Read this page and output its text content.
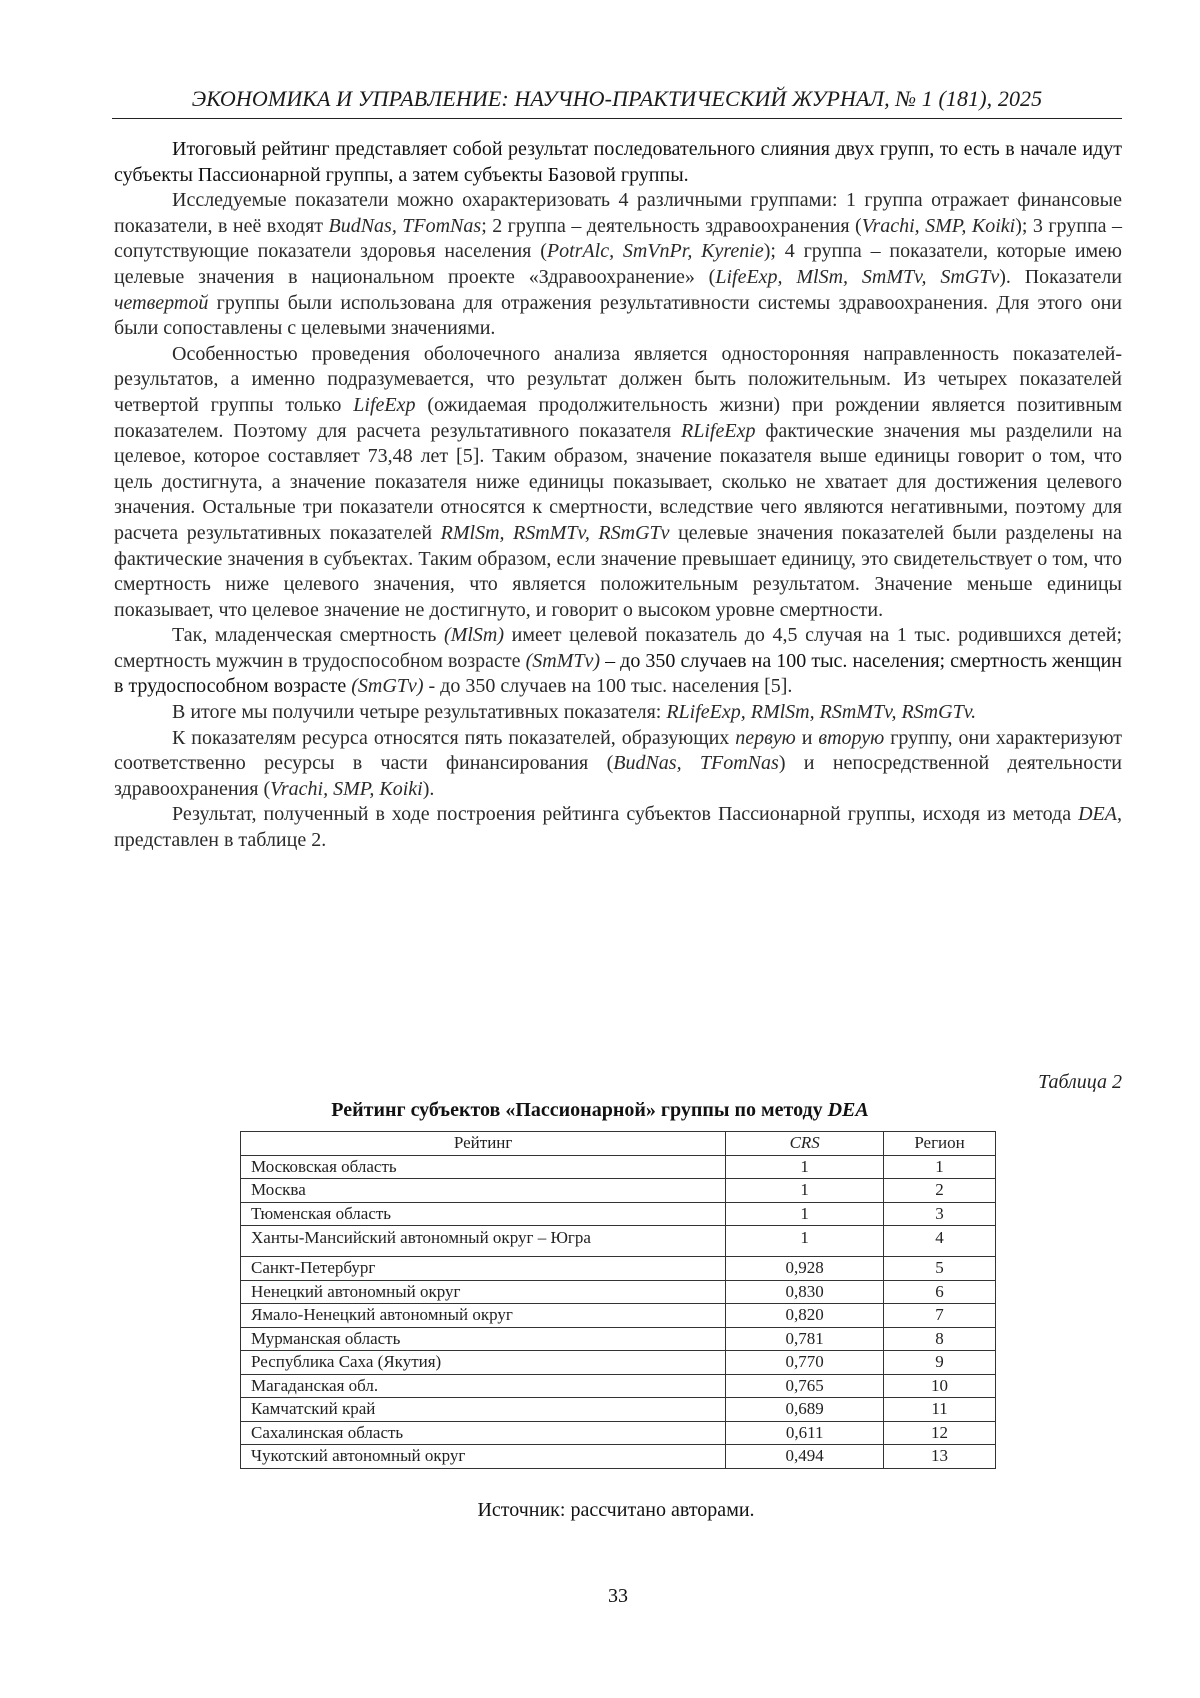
ЭКОНОМИКА И УПРАВЛЕНИЕ: НАУЧНО-ПРАКТИЧЕСКИЙ ЖУРНАЛ, № 1 (181), 2025

Итоговый рейтинг представляет собой результат последовательного слияния двух групп, то есть в начале идут субъекты Пассионарной группы, а затем субъекты Базовой группы.

Исследуемые показатели можно охарактеризовать 4 различными группами: 1 группа отражает финансовые показатели, в неё входят BudNas, TFomNas; 2 группа – деятельность здравоохранения (Vrachi, SMP, Koiki); 3 группа – сопутствующие показатели здоровья населения (PotrAlc, SmVnPr, Kyrenie); 4 группа – показатели, которые имею целевые значения в национальном проекте «Здравоохранение» (LifeExp, MlSm, SmMTv, SmGTv). Показатели четвертой группы были использована для отражения результативности системы здравоохранения. Для этого они были сопоставлены с целевыми значениями.

Особенностью проведения оболочечного анализа является односторонняя направленность показателей-результатов, а именно подразумевается, что результат должен быть положительным. Из четырех показателей четвертой группы только LifeExp (ожидаемая продолжительность жизни) при рождении является позитивным показателем. Поэтому для расчета результативного показателя RLifeExp фактические значения мы разделили на целевое, которое составляет 73,48 лет [5]. Таким образом, значение показателя выше единицы говорит о том, что цель достигнута, а значение показателя ниже единицы показывает, сколько не хватает для достижения целевого значения. Остальные три показатели относятся к смертности, вследствие чего являются негативными, поэтому для расчета результативных показателей RMlSm, RSmMTv, RSmGTv целевые значения показателей были разделены на фактические значения в субъектах. Таким образом, если значение превышает единицу, это свидетельствует о том, что смертность ниже целевого значения, что является положительным результатом. Значение меньше единицы показывает, что целевое значение не достигнуто, и говорит о высоком уровне смертности.

Так, младенческая смертность (MlSm) имеет целевой показатель до 4,5 случая на 1 тыс. родившихся детей; смертность мужчин в трудоспособном возрасте (SmMTv) – до 350 случаев на 100 тыс. населения; смертность женщин в трудоспособном возрасте (SmGTv) - до 350 случаев на 100 тыс. населения [5].

В итоге мы получили четыре результативных показателя: RLifeExp, RMlSm, RSmMTv, RSmGTv.

К показателям ресурса относятся пять показателей, образующих первую и вторую группу, они характеризуют соответственно ресурсы в части финансирования (BudNas, TFomNas) и непосредственной деятельности здравоохранения (Vrachi, SMP, Koiki).

Результат, полученный в ходе построения рейтинга субъектов Пассионарной группы, исходя из метода DEA, представлен в таблице 2.

Таблица 2
Рейтинг субъектов «Пассионарной» группы по методу DEA
Рейтинг	CRS	Регион
Московская область	1	1
Москва	1	2
Тюменская область	1	3
Ханты-Мансийский автономный округ – Югра	1	4
Санкт-Петербург	0,928	5
Ненецкий автономный округ	0,830	6
Ямало-Ненецкий автономный округ	0,820	7
Мурманская область	0,781	8
Республика Саха (Якутия)	0,770	9
Магаданская обл.	0,765	10
Камчатский край	0,689	11
Сахалинская область	0,611	12
Чукотский автономный округ	0,494	13
Источник: рассчитано авторами.
33
